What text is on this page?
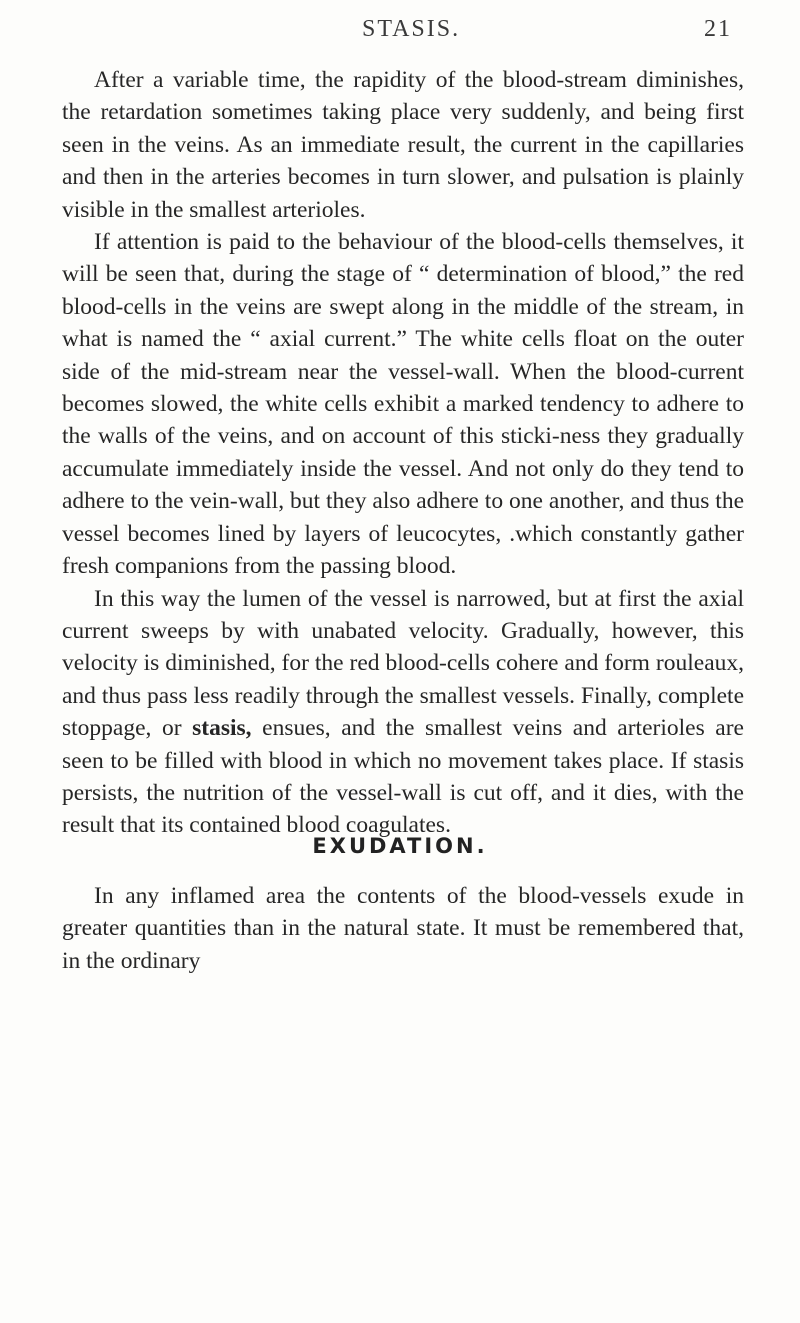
STASIS.	21

After a variable time, the rapidity of the blood-stream diminishes, the retardation sometimes taking place very suddenly, and being first seen in the veins. As an immediate result, the current in the capillaries and then in the arteries becomes in turn slower, and pulsation is plainly visible in the smallest arterioles.

If attention is paid to the behaviour of the blood-cells themselves, it will be seen that, during the stage of “ determination of blood,” the red blood-cells in the veins are swept along in the middle of the stream, in what is named the “ axial current.” The white cells float on the outer side of the mid-stream near the vessel-wall. When the blood-current becomes slowed, the white cells exhibit a marked tendency to adhere to the walls of the veins, and on account of this sticki-ness they gradually accumulate immediately inside the vessel. And not only do they tend to adhere to the vein-wall, but they also adhere to one another, and thus the vessel becomes lined by layers of leucocytes, .which constantly gather fresh companions from the passing blood.

In this way the lumen of the vessel is narrowed, but at first the axial current sweeps by with unabated velocity. Gradually, however, this velocity is diminished, for the red blood-cells cohere and form rouleaux, and thus pass less readily through the smallest vessels. Finally, complete stoppage, or stasis, ensues, and the smallest veins and arterioles are seen to be filled with blood in which no movement takes place. If stasis persists, the nutrition of the vessel-wall is cut off, and it dies, with the result that its contained blood coagulates.

EXUDATION.

In any inflamed area the contents of the blood-vessels exude in greater quantities than in the natural state. It must be remembered that, in the ordinary
